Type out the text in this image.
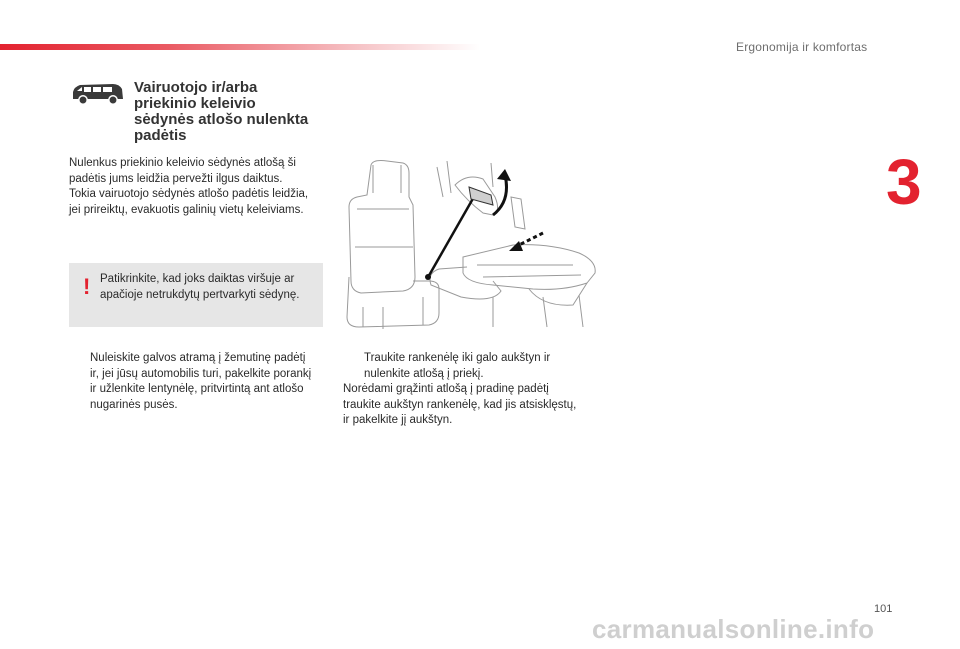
Ergonomija ir komfortas
3
Vairuotojo ir/arba
priekinio keleivio
sėdynės atlošo nulenkta
padėtis
Nulenkus priekinio keleivio sėdynės atlošą ši
padėtis jums leidžia pervežti ilgus daiktus.
Tokia vairuotojo sėdynės atlošo padėtis leidžia,
jei prireiktų, evakuotis galinių vietų keleiviams.
! Patikrinkite, kad joks daiktas viršuje ar
apačioje netrukdytų pertvarkyti sėdynę.
Nuleiskite galvos atramą į žemutinę padėtį
ir, jei jūsų automobilis turi, pakelkite porankį
ir užlenkite lentynėlę, pritvirtintą ant atlošo
nugarinės pusės.
Traukite rankenėlę iki galo aukštyn ir
nulenkite atlošą į priekį.
Norėdami grąžinti atlošą į pradinę padėtį
traukite aukštyn rankenėlę, kad jis atsisklęstų,
ir pakelkite jį aukštyn.
101
carmanualsonline.info
